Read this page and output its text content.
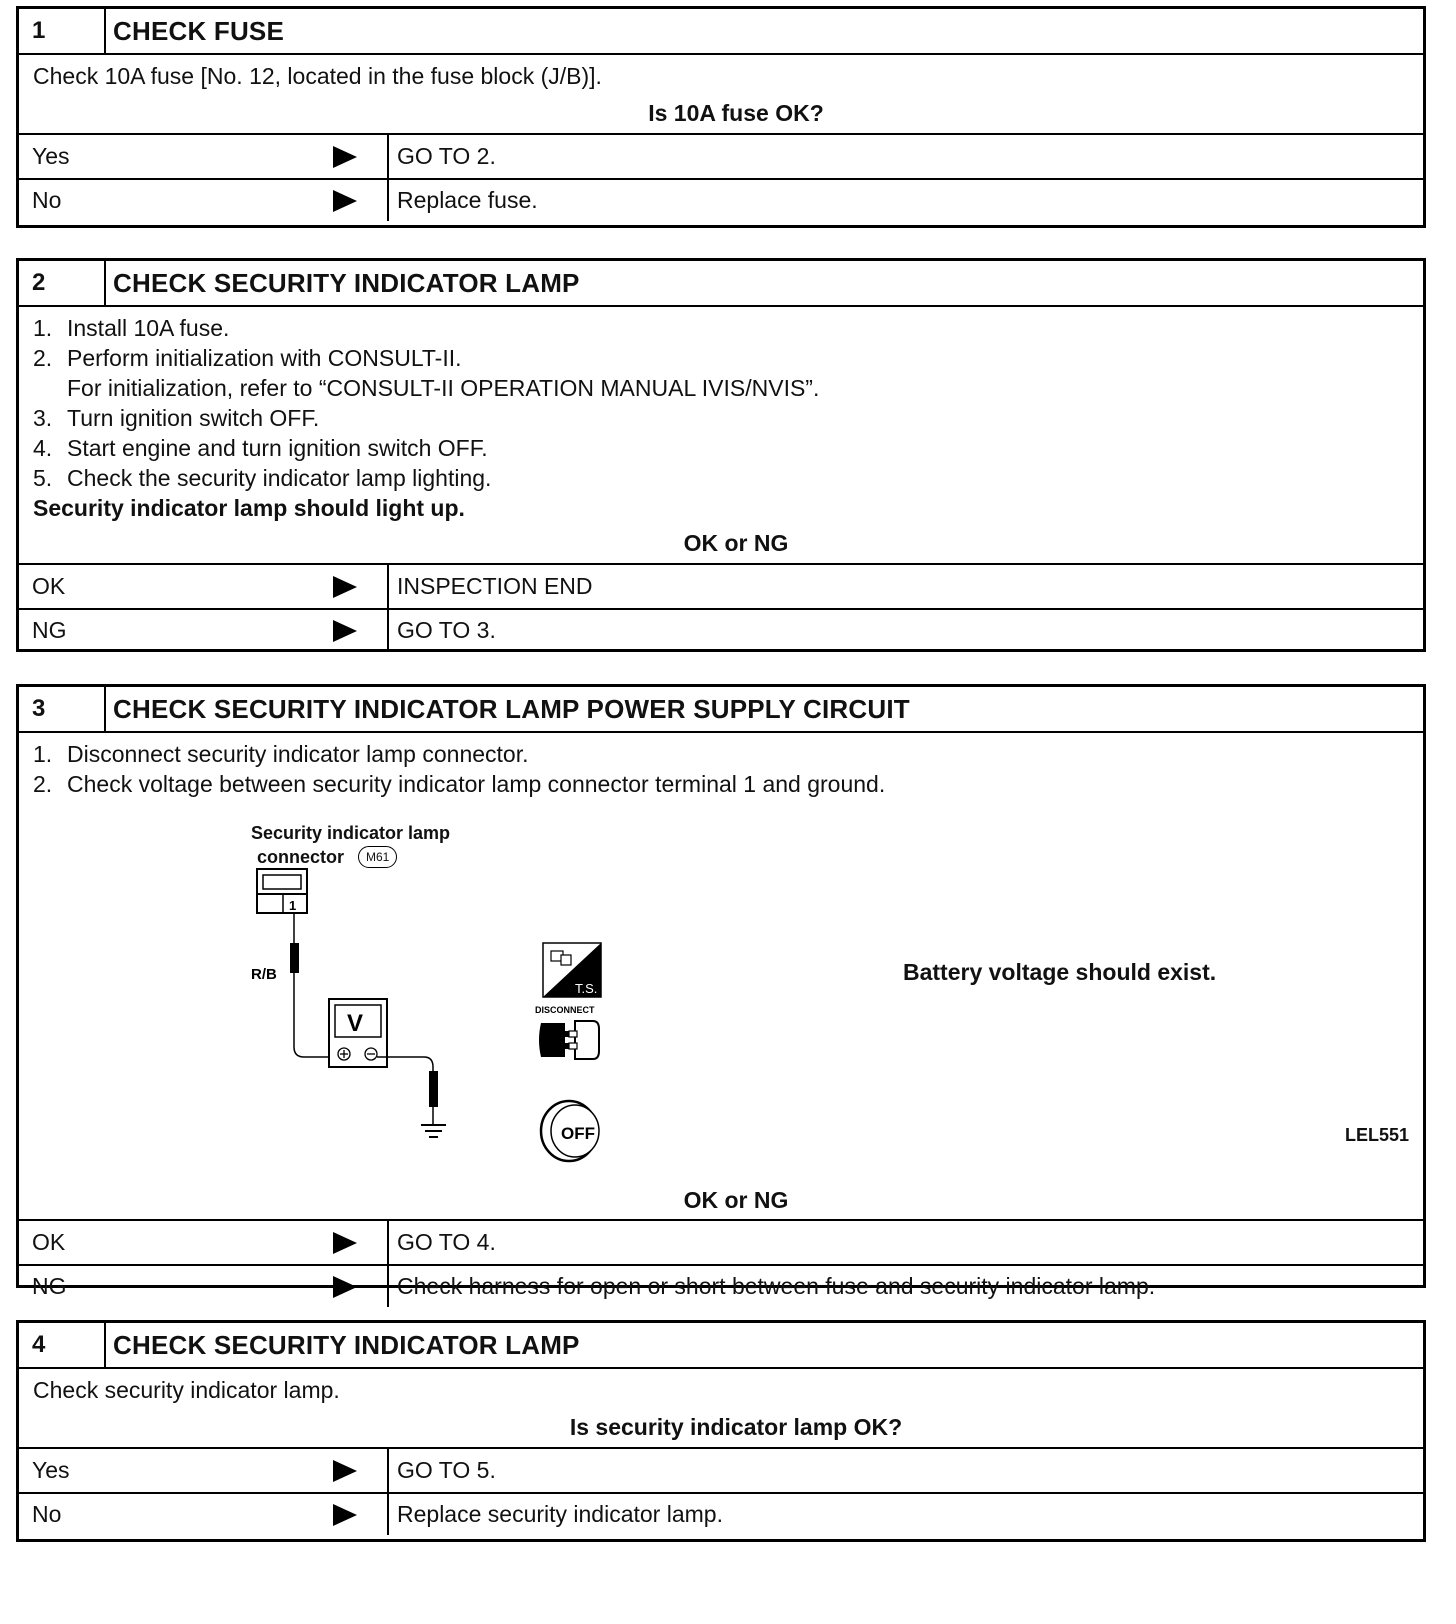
1	CHECK FUSE

Check 10A fuse [No. 12, located in the fuse block (J/B)].

Is 10A fuse OK?
Yes	GO TO 2.
No	Replace fuse.
2	CHECK SECURITY INDICATOR LAMP
1. Install 10A fuse.
2. Perform initialization with CONSULT-II.
For initialization, refer to “CONSULT-II OPERATION MANUAL IVIS/NVIS”.
3. Turn ignition switch OFF.
4. Start engine and turn ignition switch OFF.
5. Check the security indicator lamp lighting.

Security indicator lamp should light up.

OK or NG
OK	INSPECTION END
NG	GO TO 3.
3	CHECK SECURITY INDICATOR LAMP POWER SUPPLY CIRCUIT
1. Disconnect security indicator lamp connector.
2. Check voltage between security indicator lamp connector terminal 1 and ground.
Security indicator lamp
connector	M61
1
R/B
V
T.S.
DISCONNECT
OFF
Battery voltage should exist.
LEL551
OK or NG
OK	GO TO 4.
NG	Check harness for open or short between fuse and security indicator lamp.
4	CHECK SECURITY INDICATOR LAMP

Check security indicator lamp.

Is security indicator lamp OK?
Yes	GO TO 5.
No	Replace security indicator lamp.
